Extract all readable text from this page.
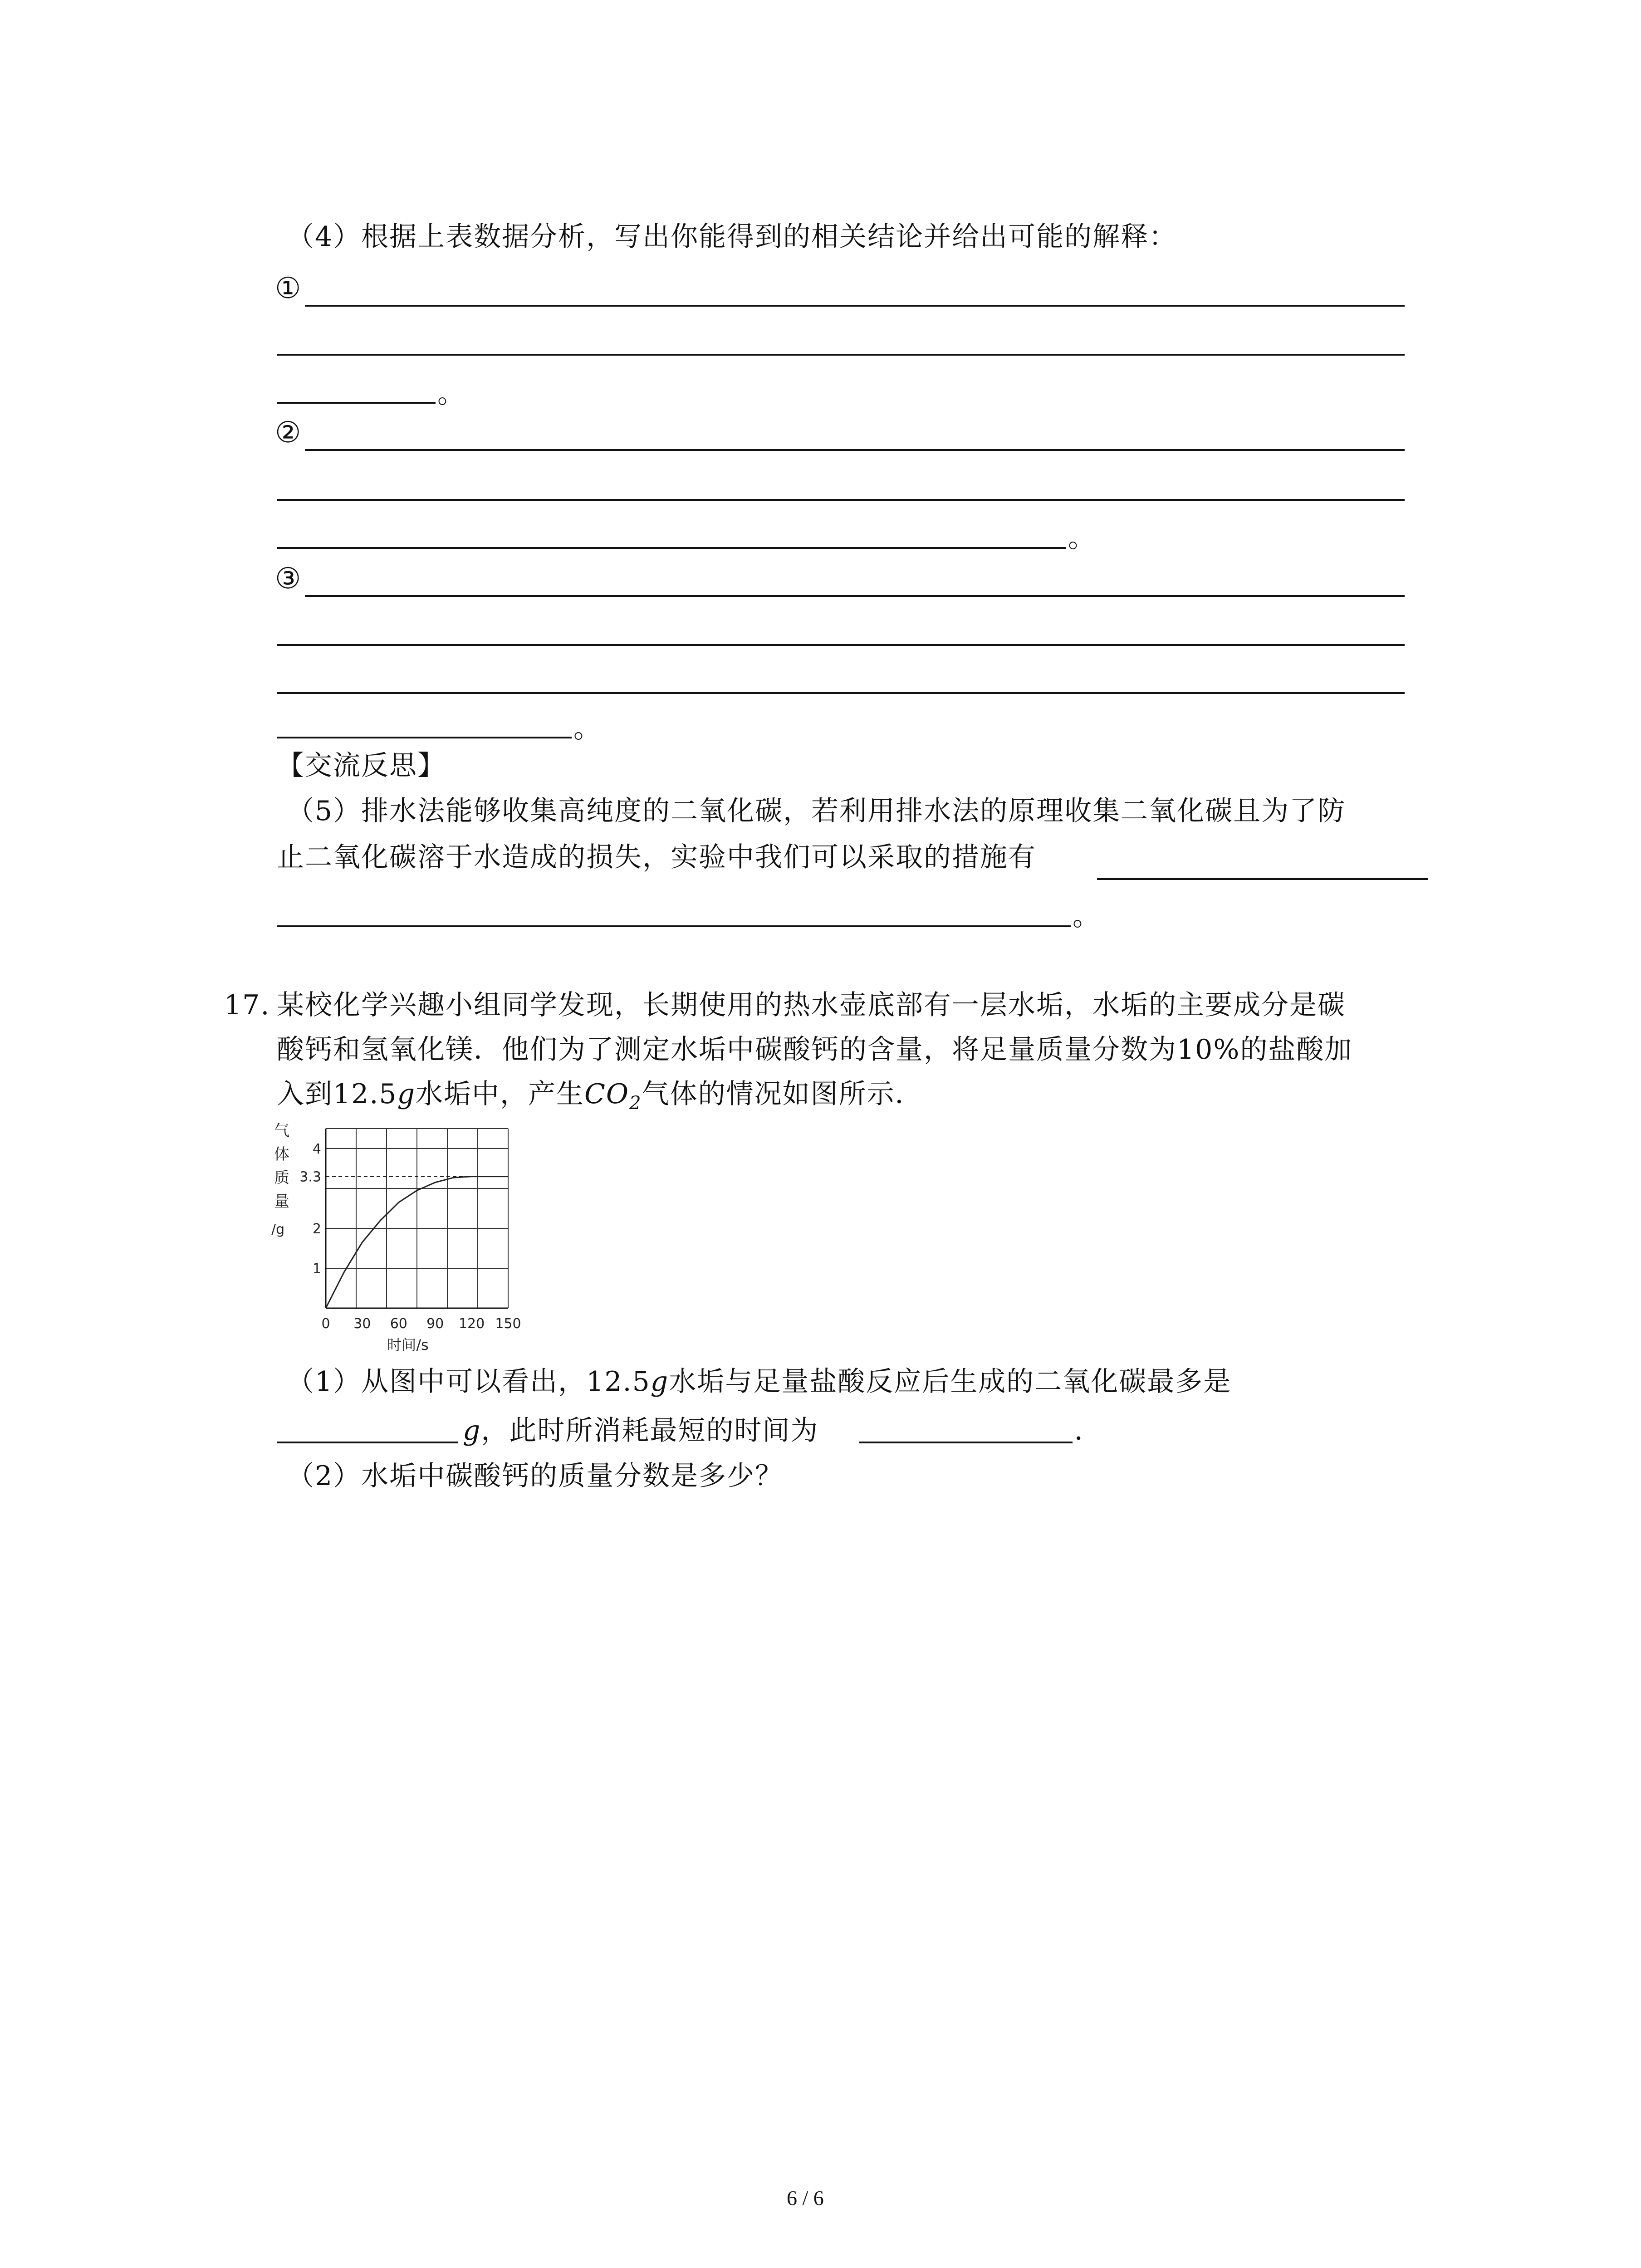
（4）根据上表数据分析，写出你能得到的相关结论并给出可能的解释：
①
。
②
。
③
。
【交流反思】
（5）排水法能够收集高纯度的二氧化碳，若利用排水法的原理收集二氧化碳且为了防
止二氧化碳溶于水造成的损失，实验中我们可以采取的措施有
。
17. 某校化学兴趣小组同学发现，长期使用的热水壶底部有一层水垢，水垢的主要成分是碳
酸钙和氢氧化镁．他们为了测定水垢中碳酸钙的含量，将足量质量分数为10%的盐酸加
入到12.5g水垢中，产生$CO_2$气体的情况如图所示．
1
2
3.3
4
0 30 60 90 120 150
气
体
质
量
/g
时间/s
（1）从图中可以看出，12.5g水垢与足量盐酸反应后生成的二氧化碳最多是
g，此时所消耗最短的时间为	．
（2）水垢中碳酸钙的质量分数是多少？
6 / 6
